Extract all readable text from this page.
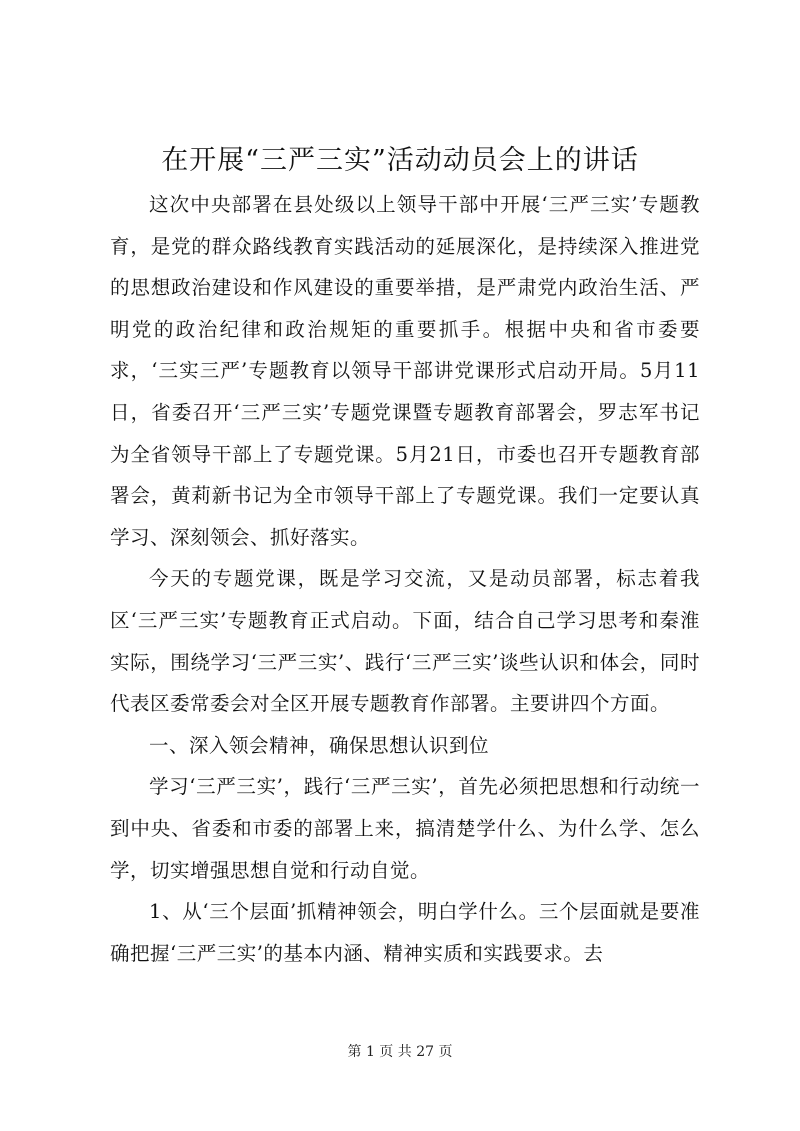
在开展“三严三实”活动动员会上的讲话

这次中央部署在县处级以上领导干部中开展‘三严三实’专题教育，是党的群众路线教育实践活动的延展深化，是持续深入推进党的思想政治建设和作风建设的重要举措，是严肃党内政治生活、严明党的政治纪律和政治规矩的重要抓手。根据中央和省市委要求，‘三实三严’专题教育以领导干部讲党课形式启动开局。5月11日，省委召开‘三严三实’专题党课暨专题教育部署会，罗志军书记为全省领导干部上了专题党课。5月21日，市委也召开专题教育部署会，黄莉新书记为全市领导干部上了专题党课。我们一定要认真学习、深刻领会、抓好落实。

今天的专题党课，既是学习交流，又是动员部署，标志着我区‘三严三实’专题教育正式启动。下面，结合自己学习思考和秦淮实际，围绕学习‘三严三实’、践行‘三严三实’谈些认识和体会，同时代表区委常委会对全区开展专题教育作部署。主要讲四个方面。

一、深入领会精神，确保思想认识到位

学习‘三严三实’，践行‘三严三实’，首先必须把思想和行动统一到中央、省委和市委的部署上来，搞清楚学什么、为什么学、怎么学，切实增强思想自觉和行动自觉。

1、从‘三个层面’抓精神领会，明白学什么。三个层面就是要准确把握‘三严三实’的基本内涵、精神实质和实践要求。去

第 1 页 共 27 页
